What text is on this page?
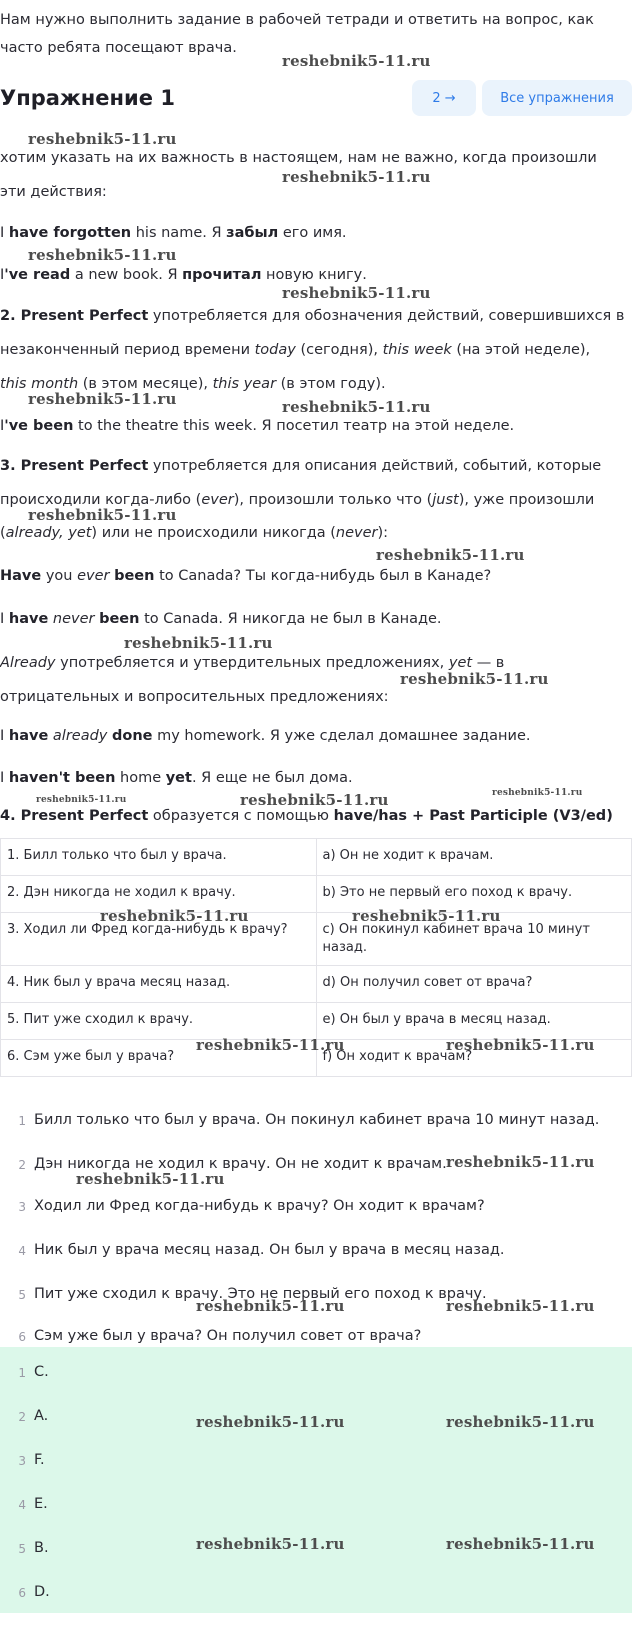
Нам нужно выполнить задание в рабочей тетради и ответить на вопрос, как
часто ребята посещают врача.
Упражнение 1	2 →	Все упражнения
хотим указать на их важность в настоящем, нам не важно, когда произошли
эти действия:
I have forgotten his name. Я забыл его имя.
I've read a new book. Я прочитал новую книгу.
2. Present Perfect употребляется для обозначения действий, совершившихся в
незаконченный период времени today (сегодня), this week (на этой неделе),
this month (в этом месяце), this year (в этом году).
I've been to the theatre this week. Я посетил театр на этой неделе.
3. Present Perfect употребляется для описания действий, событий, которые
происходили когда-либо (ever), произошли только что (just), уже произошли
(already, yet) или не происходили никогда (never):
Have you ever been to Canada? Ты когда-нибудь был в Канаде?
I have never been to Canada. Я никогда не был в Канаде.
Already употребляется и утвердительных предложениях, yet — в
отрицательных и вопросительных предложениях:
I have already done my homework. Я уже сделал домашнее задание.
I haven't been home yet. Я еще не был дома.
4. Present Perfect образуется с помощью have/has + Past Participle (V3/ed)
1. Билл только что был у врача.	a) Он не ходит к врачам.
2. Дэн никогда не ходил к врачу.	b) Это не первый его поход к врачу.
3. Ходил ли Фред когда-нибудь к врачу?	c) Он покинул кабинет врача 10 минут назад.
4. Ник был у врача месяц назад.	d) Он получил совет от врача?
5. Пит уже сходил к врачу.	e) Он был у врача в месяц назад.
6. Сэм уже был у врача?	f) Он ходит к врачам?
1 Билл только что был у врача. Он покинул кабинет врача 10 минут назад.
2 Дэн никогда не ходил к врачу. Он не ходит к врачам.
3 Ходил ли Фред когда-нибудь к врачу? Он ходит к врачам?
4 Ник был у врача месяц назад. Он был у врача в месяц назад.
5 Пит уже сходил к врачу. Это не первый его поход к врачу.
6 Сэм уже был у врача? Он получил совет от врача?
1 C.
2 A.
3 F.
4 E.
5 B.
6 D.
reshebnik5-11.ru
reshebnik5-11.ru
reshebnik5-11.ru
reshebnik5-11.ru
reshebnik5-11.ru
reshebnik5-11.ru	reshebnik5-11.ru
reshebnik5-11.ru
reshebnik5-11.ru
reshebnik5-11.ru
reshebnik5-11.ru
reshebnik5-11.ru
reshebnik5-11.ru
reshebnik5-11.ru
reshebnik5-11.ru	reshebnik5-11.ru
reshebnik5-11.ru	reshebnik5-11.ru
reshebnik5-11.ru
reshebnik5-11.ru
reshebnik5-11.ru	reshebnik5-11.ru
reshebnik5-11.ru	reshebnik5-11.ru
reshebnik5-11.ru	reshebnik5-11.ru
